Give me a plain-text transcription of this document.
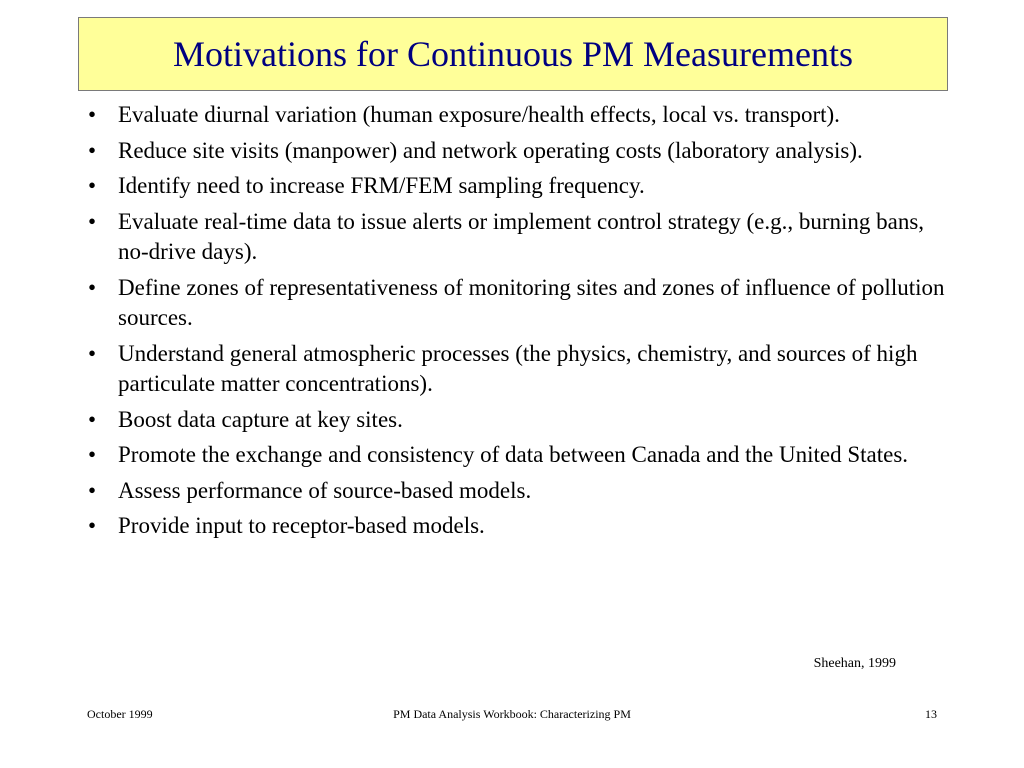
Motivations for Continuous PM Measurements
• Evaluate diurnal variation (human exposure/health effects, local vs. transport).
• Reduce site visits (manpower) and network operating costs (laboratory analysis).
• Identify need to increase FRM/FEM sampling frequency.
• Evaluate real-time data to issue alerts or implement control strategy (e.g., burning bans, no-drive days).
• Define zones of representativeness of monitoring sites and zones of influence of pollution sources.
• Understand general atmospheric processes (the physics, chemistry, and sources of high particulate matter concentrations).
• Boost data capture at key sites.
• Promote the exchange and consistency of data between Canada and the United States.
• Assess performance of source-based models.
• Provide input to receptor-based models.
Sheehan, 1999
October 1999	PM Data Analysis Workbook: Characterizing PM	13
